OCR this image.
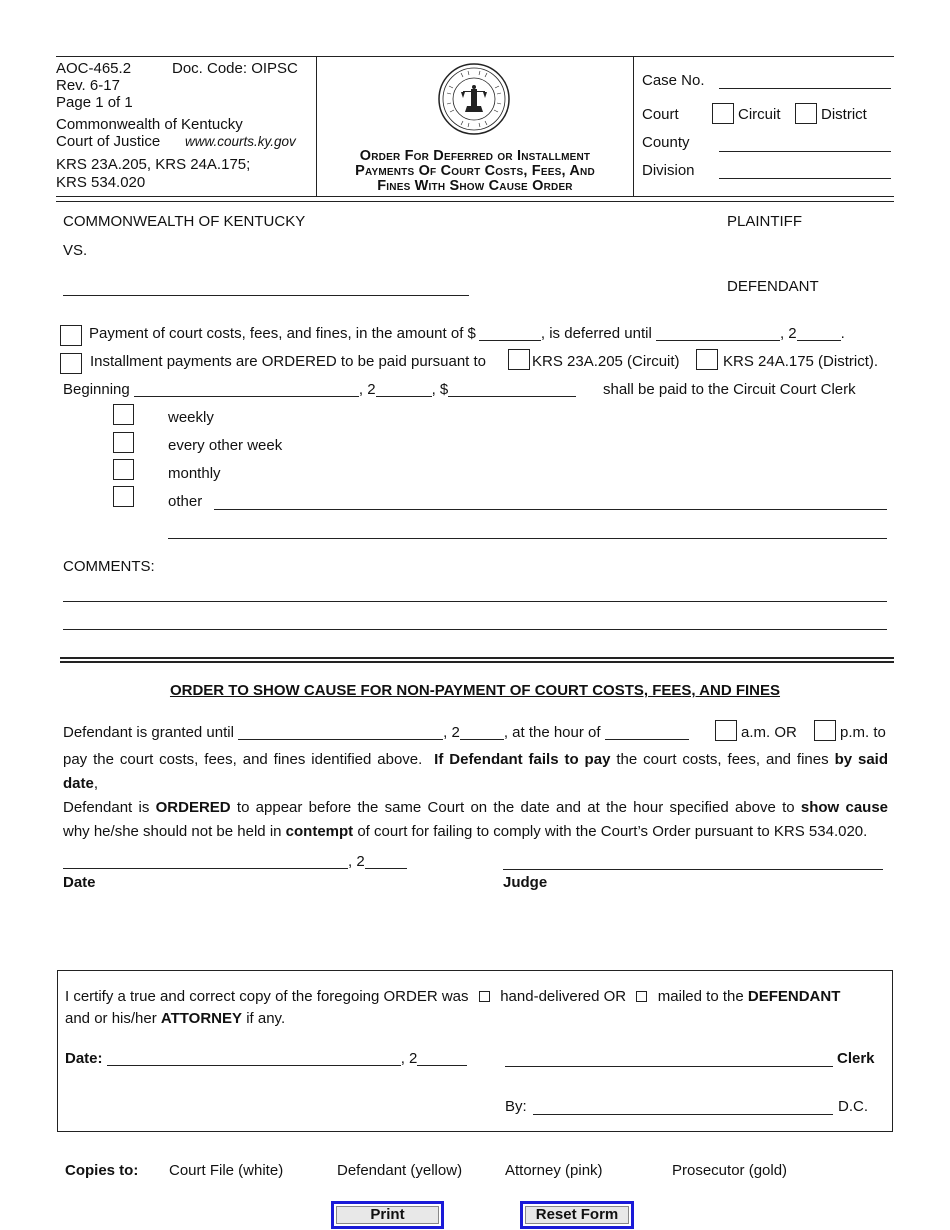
AOC-465.2	Doc. Code: OIPSC
Rev. 6-17
Page 1 of 1
Commonwealth of Kentucky
Court of Justice www.courts.ky.gov
KRS 23A.205, KRS 24A.175;
KRS 534.020
Order For Deferred or Installment
Payments Of Court Costs, Fees, And
Fines With Show Cause Order
Case No.
Court	Circuit	District
County
Division
COMMONWEALTH OF KENTUCKY	PLAINTIFF
VS.
DEFENDANT
Payment of court costs, fees, and fines, in the amount of $	, is deferred until	, 2	.
Installment payments are ORDERED to be paid pursuant to	KRS 23A.205 (Circuit)	KRS 24A.175 (District).
Beginning	, 2	, $	shall be paid to the Circuit Court Clerk
weekly
every other week
monthly
other
COMMENTS:
ORDER TO SHOW CAUSE FOR NON-PAYMENT OF COURT COSTS, FEES, AND FINES
Defendant is granted until	, 2	, at the hour of	a.m. OR	p.m. to
pay the court costs, fees, and fines identified above. If Defendant fails to pay the court costs, fees, and fines by said date,
Defendant is ORDERED to appear before the same Court on the date and at the hour specified above to show cause
why he/she should not be held in contempt of court for failing to comply with the Court’s Order pursuant to KRS 534.020.
, 2
Date	Judge
I certify a true and correct copy of the foregoing ORDER was hand-delivered OR mailed to the DEFENDANT
and or his/her ATTORNEY if any.
Date:	, 2	Clerk
By:	D.C.
Copies to: Court File (white)	Defendant (yellow)	Attorney (pink)	Prosecutor (gold)
Print	Reset Form
